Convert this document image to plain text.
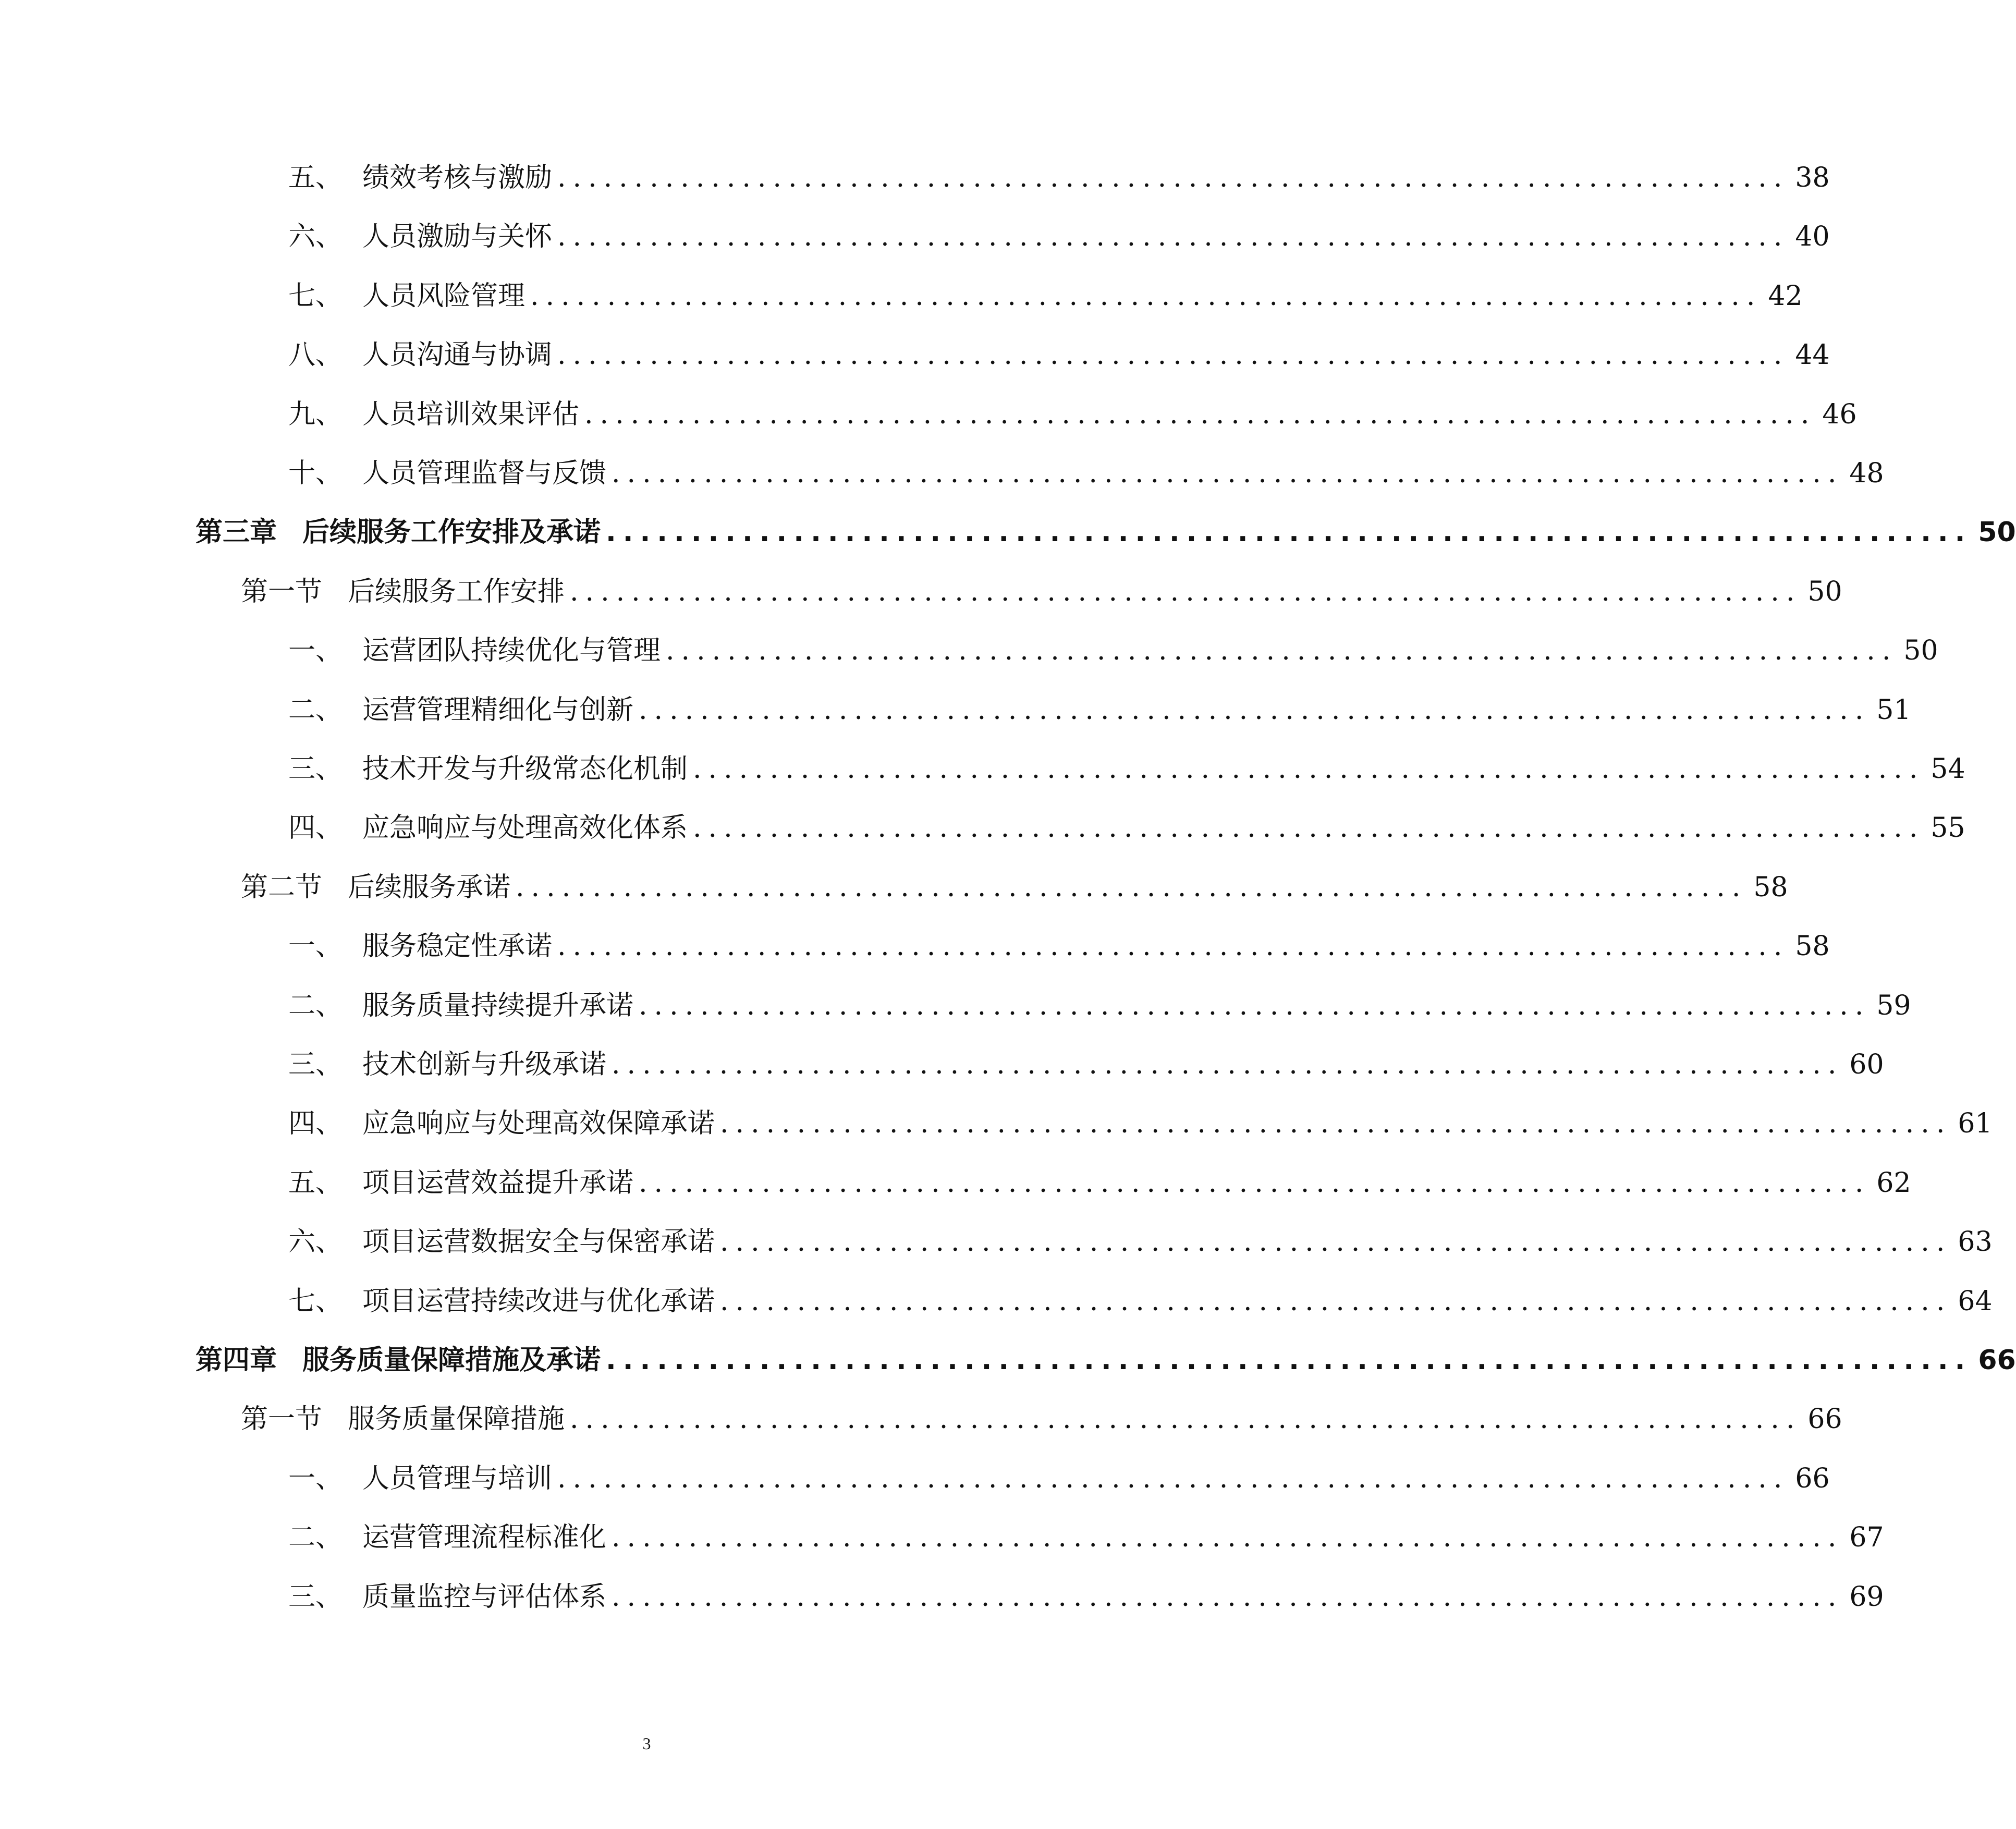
五、 绩效考核与激励 ................................................................................ 38
六、 人员激励与关怀 ................................................................................ 40
七、 人员风险管理 ................................................................................ 42
八、 人员沟通与协调 ................................................................................ 44
九、 人员培训效果评估 ................................................................................ 46
十、 人员管理监督与反馈 ................................................................................ 48
第三章 后续服务工作安排及承诺 ................................................................................ 50
第一节 后续服务工作安排 ................................................................................ 50
一、 运营团队持续优化与管理 ................................................................................ 50
二、 运营管理精细化与创新 ................................................................................ 51
三、 技术开发与升级常态化机制 ................................................................................ 54
四、 应急响应与处理高效化体系 ................................................................................ 55
第二节 后续服务承诺 ................................................................................ 58
一、 服务稳定性承诺 ................................................................................ 58
二、 服务质量持续提升承诺 ................................................................................ 59
三、 技术创新与升级承诺 ................................................................................ 60
四、 应急响应与处理高效保障承诺 ................................................................................ 61
五、 项目运营效益提升承诺 ................................................................................ 62
六、 项目运营数据安全与保密承诺 ................................................................................ 63
七、 项目运营持续改进与优化承诺 ................................................................................ 64
第四章 服务质量保障措施及承诺 ................................................................................ 66
第一节 服务质量保障措施 ................................................................................ 66
一、 人员管理与培训 ................................................................................ 66
二、 运营管理流程标准化 ................................................................................ 67
三、 质量监控与评估体系 ................................................................................ 69
3
